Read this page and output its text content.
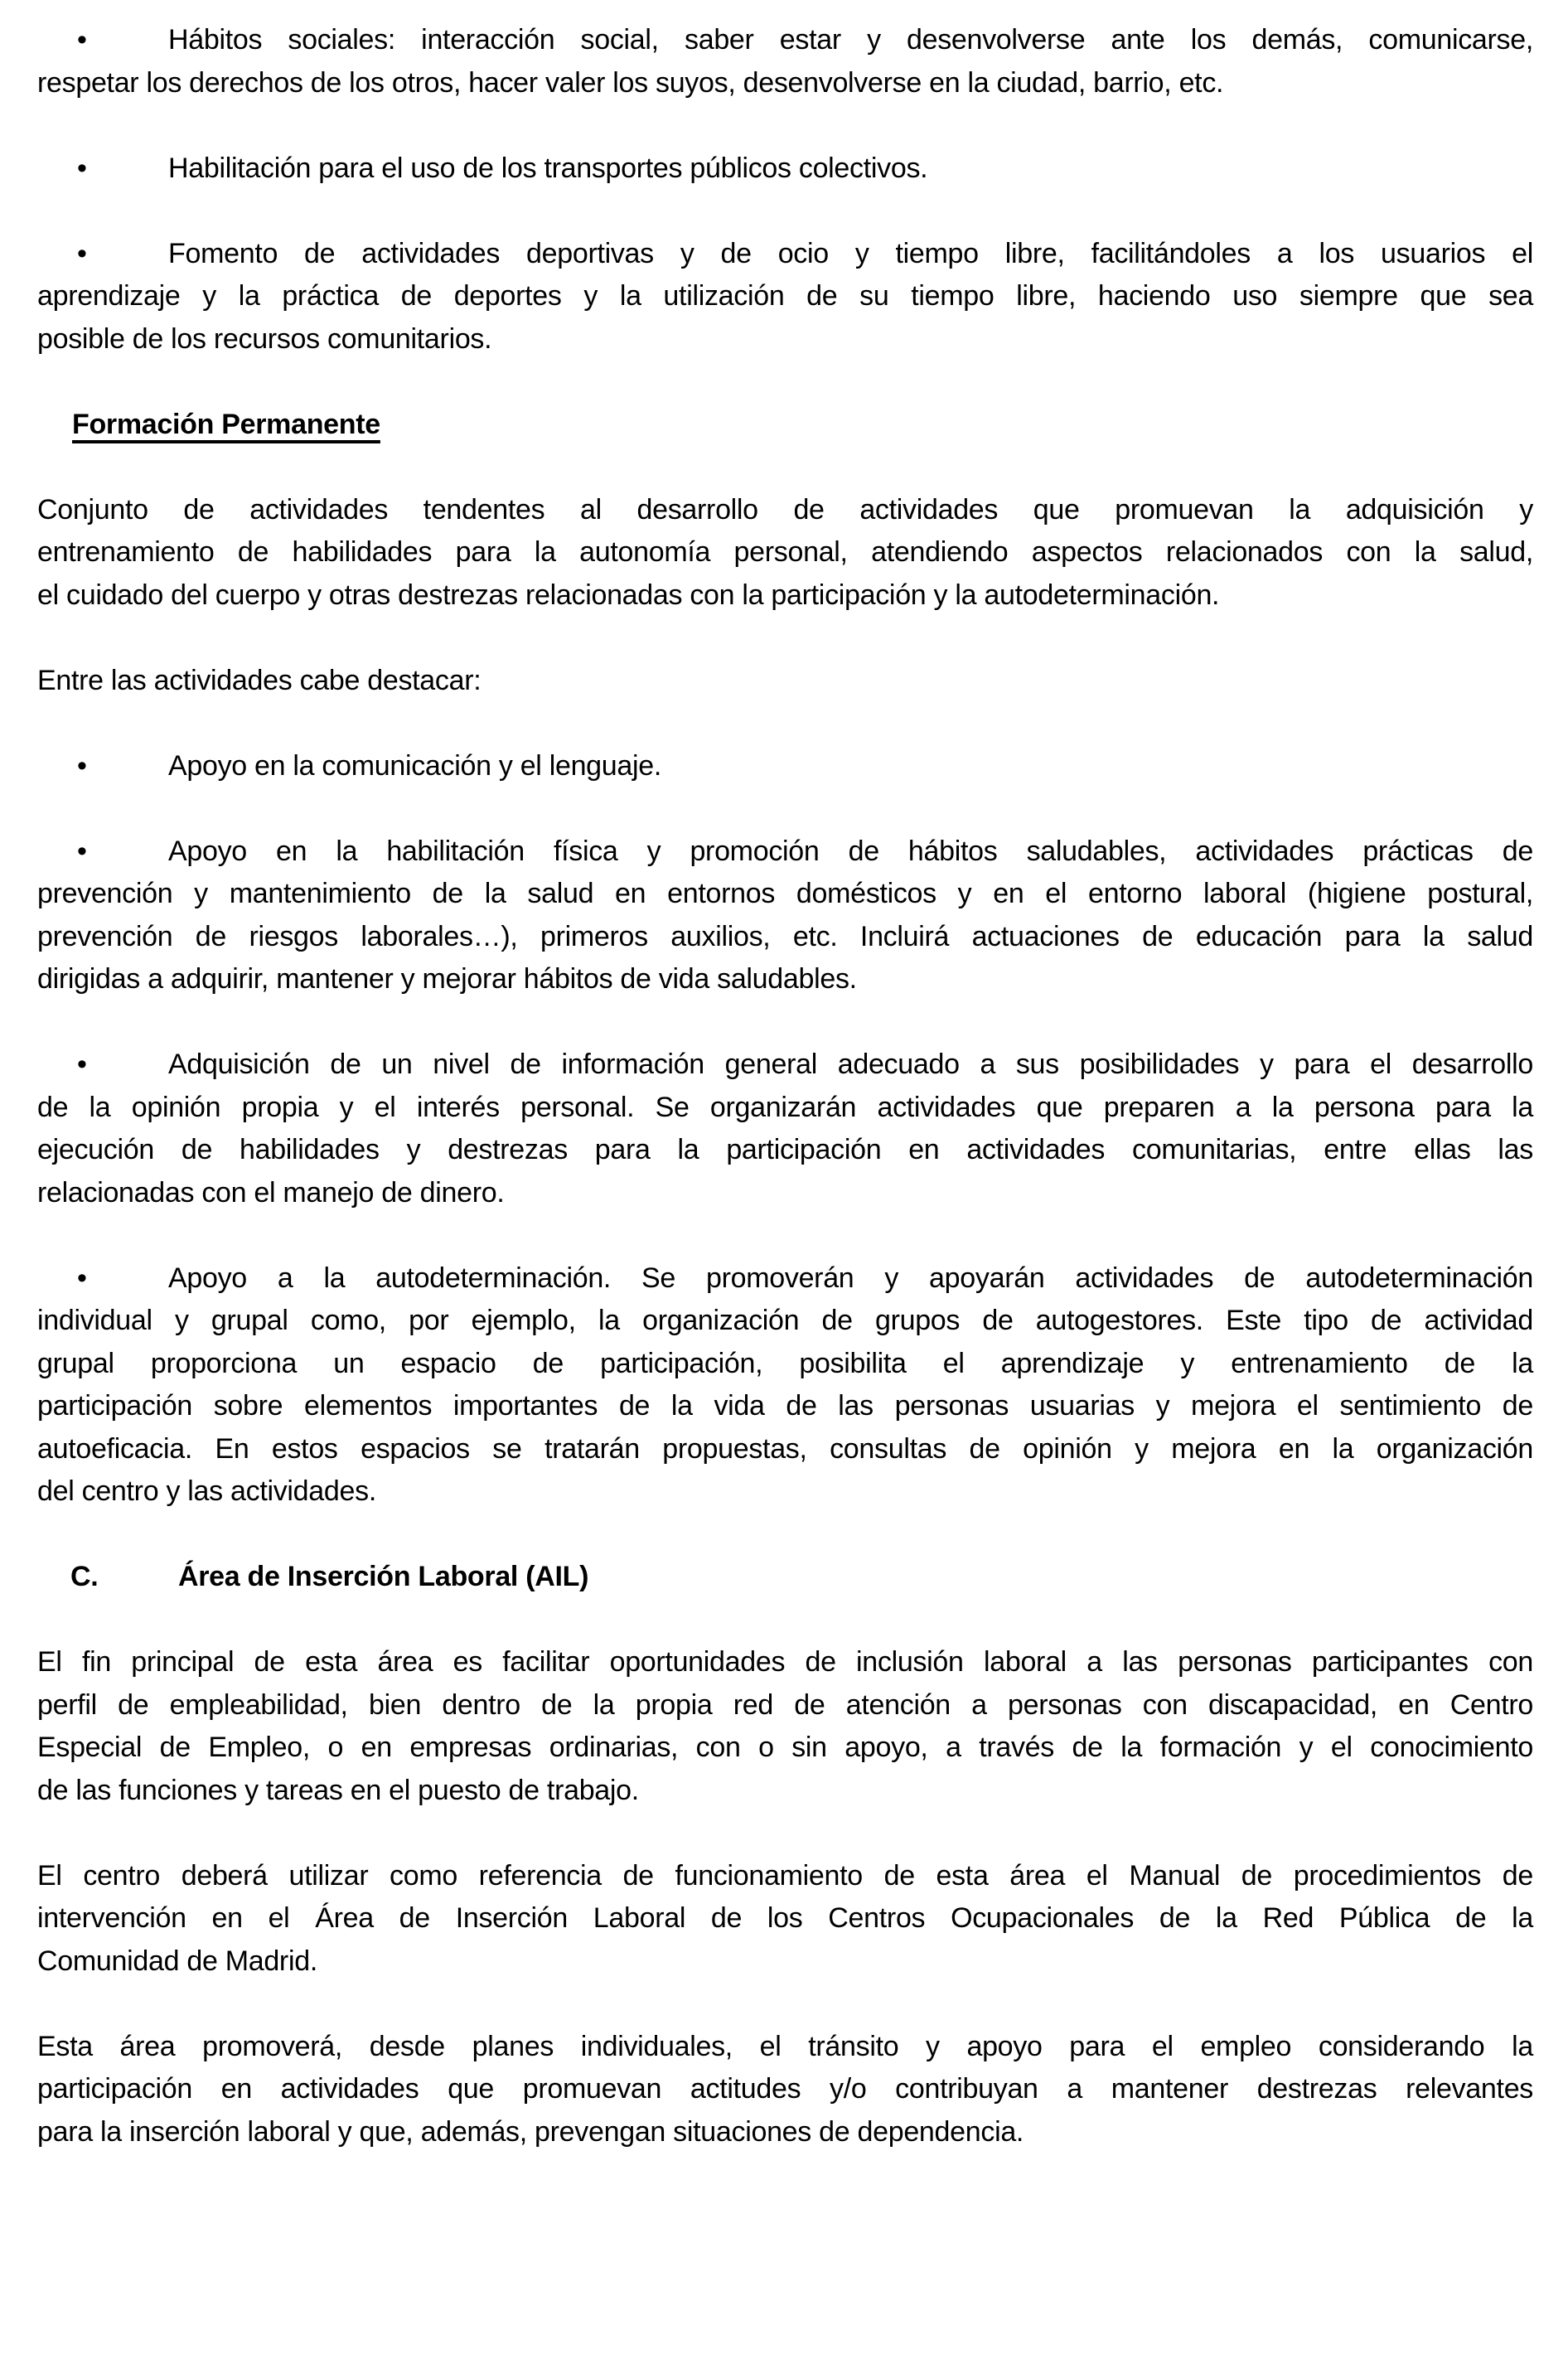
•	Hábitos sociales: interacción social, saber estar y desenvolverse ante los demás, comunicarse,
respetar los derechos de los otros, hacer valer los suyos, desenvolverse en la ciudad, barrio, etc.
•	Habilitación para el uso de los transportes públicos colectivos.
•	Fomento de actividades deportivas y de ocio y tiempo libre, facilitándoles a los usuarios el
aprendizaje y la práctica de deportes y la utilización de su tiempo libre, haciendo uso siempre que sea
posible de los recursos comunitarios.
Formación Permanente
Conjunto de actividades tendentes al desarrollo de actividades que promuevan la adquisición y
entrenamiento de habilidades para la autonomía personal, atendiendo aspectos relacionados con la salud,
el cuidado del cuerpo y otras destrezas relacionadas con la participación y la autodeterminación.
Entre las actividades cabe destacar:
•	Apoyo en la comunicación y el lenguaje.
•	Apoyo en la habilitación física y promoción de hábitos saludables, actividades prácticas de
prevención y mantenimiento de la salud en entornos domésticos y en el entorno laboral (higiene postural,
prevención de riesgos laborales…), primeros auxilios, etc. Incluirá actuaciones de educación para la salud
dirigidas a adquirir, mantener y mejorar hábitos de vida saludables.
•	Adquisición de un nivel de información general adecuado a sus posibilidades y para el desarrollo
de la opinión propia y el interés personal. Se organizarán actividades que preparen a la persona para la
ejecución de habilidades y destrezas para la participación en actividades comunitarias, entre ellas las
relacionadas con el manejo de dinero.
•	Apoyo a la autodeterminación. Se promoverán y apoyarán actividades de autodeterminación
individual y grupal como, por ejemplo, la organización de grupos de autogestores. Este tipo de actividad
grupal proporciona un espacio de participación, posibilita el aprendizaje y entrenamiento de la
participación sobre elementos importantes de la vida de las personas usuarias y mejora el sentimiento de
autoeficacia. En estos espacios se tratarán propuestas, consultas de opinión y mejora en la organización
del centro y las actividades.
C.	Área de Inserción Laboral (AIL)
El fin principal de esta área es facilitar oportunidades de inclusión laboral a las personas participantes con
perfil de empleabilidad, bien dentro de la propia red de atención a personas con discapacidad, en Centro
Especial de Empleo, o en empresas ordinarias, con o sin apoyo, a través de la formación y el conocimiento
de las funciones y tareas en el puesto de trabajo.
El centro deberá utilizar como referencia de funcionamiento de esta área el Manual de procedimientos de
intervención en el Área de Inserción Laboral de los Centros Ocupacionales de la Red Pública de la
Comunidad de Madrid.
Esta área promoverá, desde planes individuales, el tránsito y apoyo para el empleo considerando la
participación en actividades que promuevan actitudes y/o contribuyan a mantener destrezas relevantes
para la inserción laboral y que, además, prevengan situaciones de dependencia.
